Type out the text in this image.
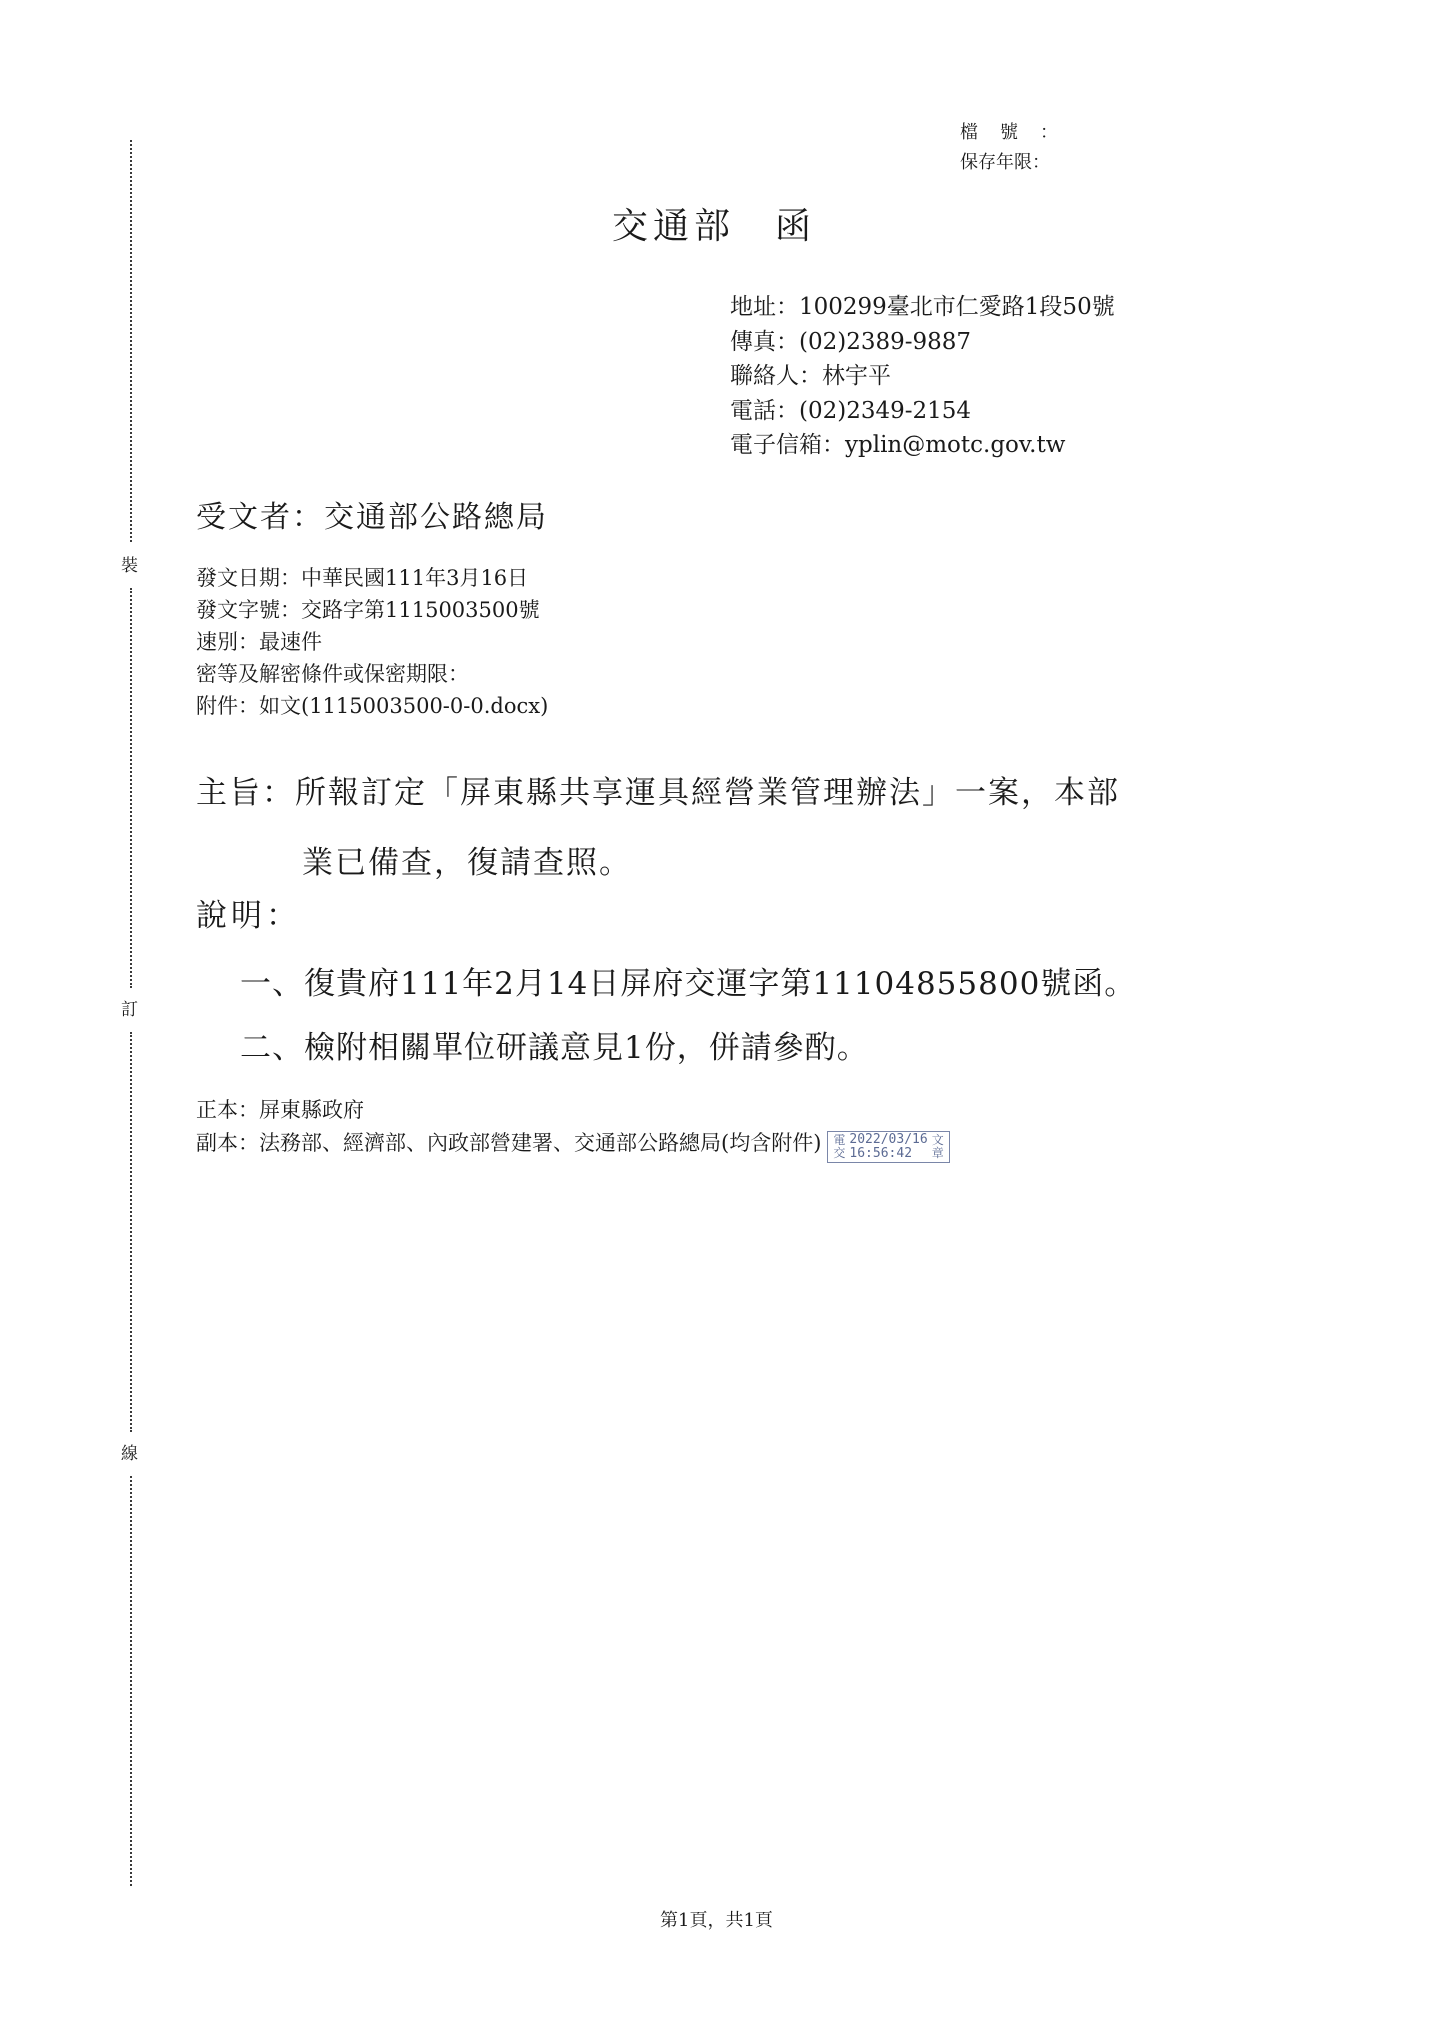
裝
訂
線
檔號：
保存年限：
交通部 函
地址： 100299臺北市仁愛路1段50號
傳真： (02)2389-9887
聯絡人： 林宇平
電話： (02)2349-2154
電子信箱： yplin@motc.gov.tw
受文者：交通部公路總局
發文日期： 中華民國111年3月16日
發文字號： 交路字第1115003500號
速別： 最速件
密等及解密條件或保密期限：
附件： 如文(1115003500-0-0.docx)
主旨：所報訂定「屏東縣共享運具經營業管理辦法」一案，本部
業已備查，復請查照。
說明：
一、 復貴府111年2月14日屏府交運字第11104855800號函。
二、 檢附相關單位研議意見1份，併請參酌。
正本： 屏東縣政府
副本： 法務部、經濟部、內政部營建署、交通部公路總局(均含附件) 電
交
2022/03/16
16:56:42
文
章
第1頁，共1頁
